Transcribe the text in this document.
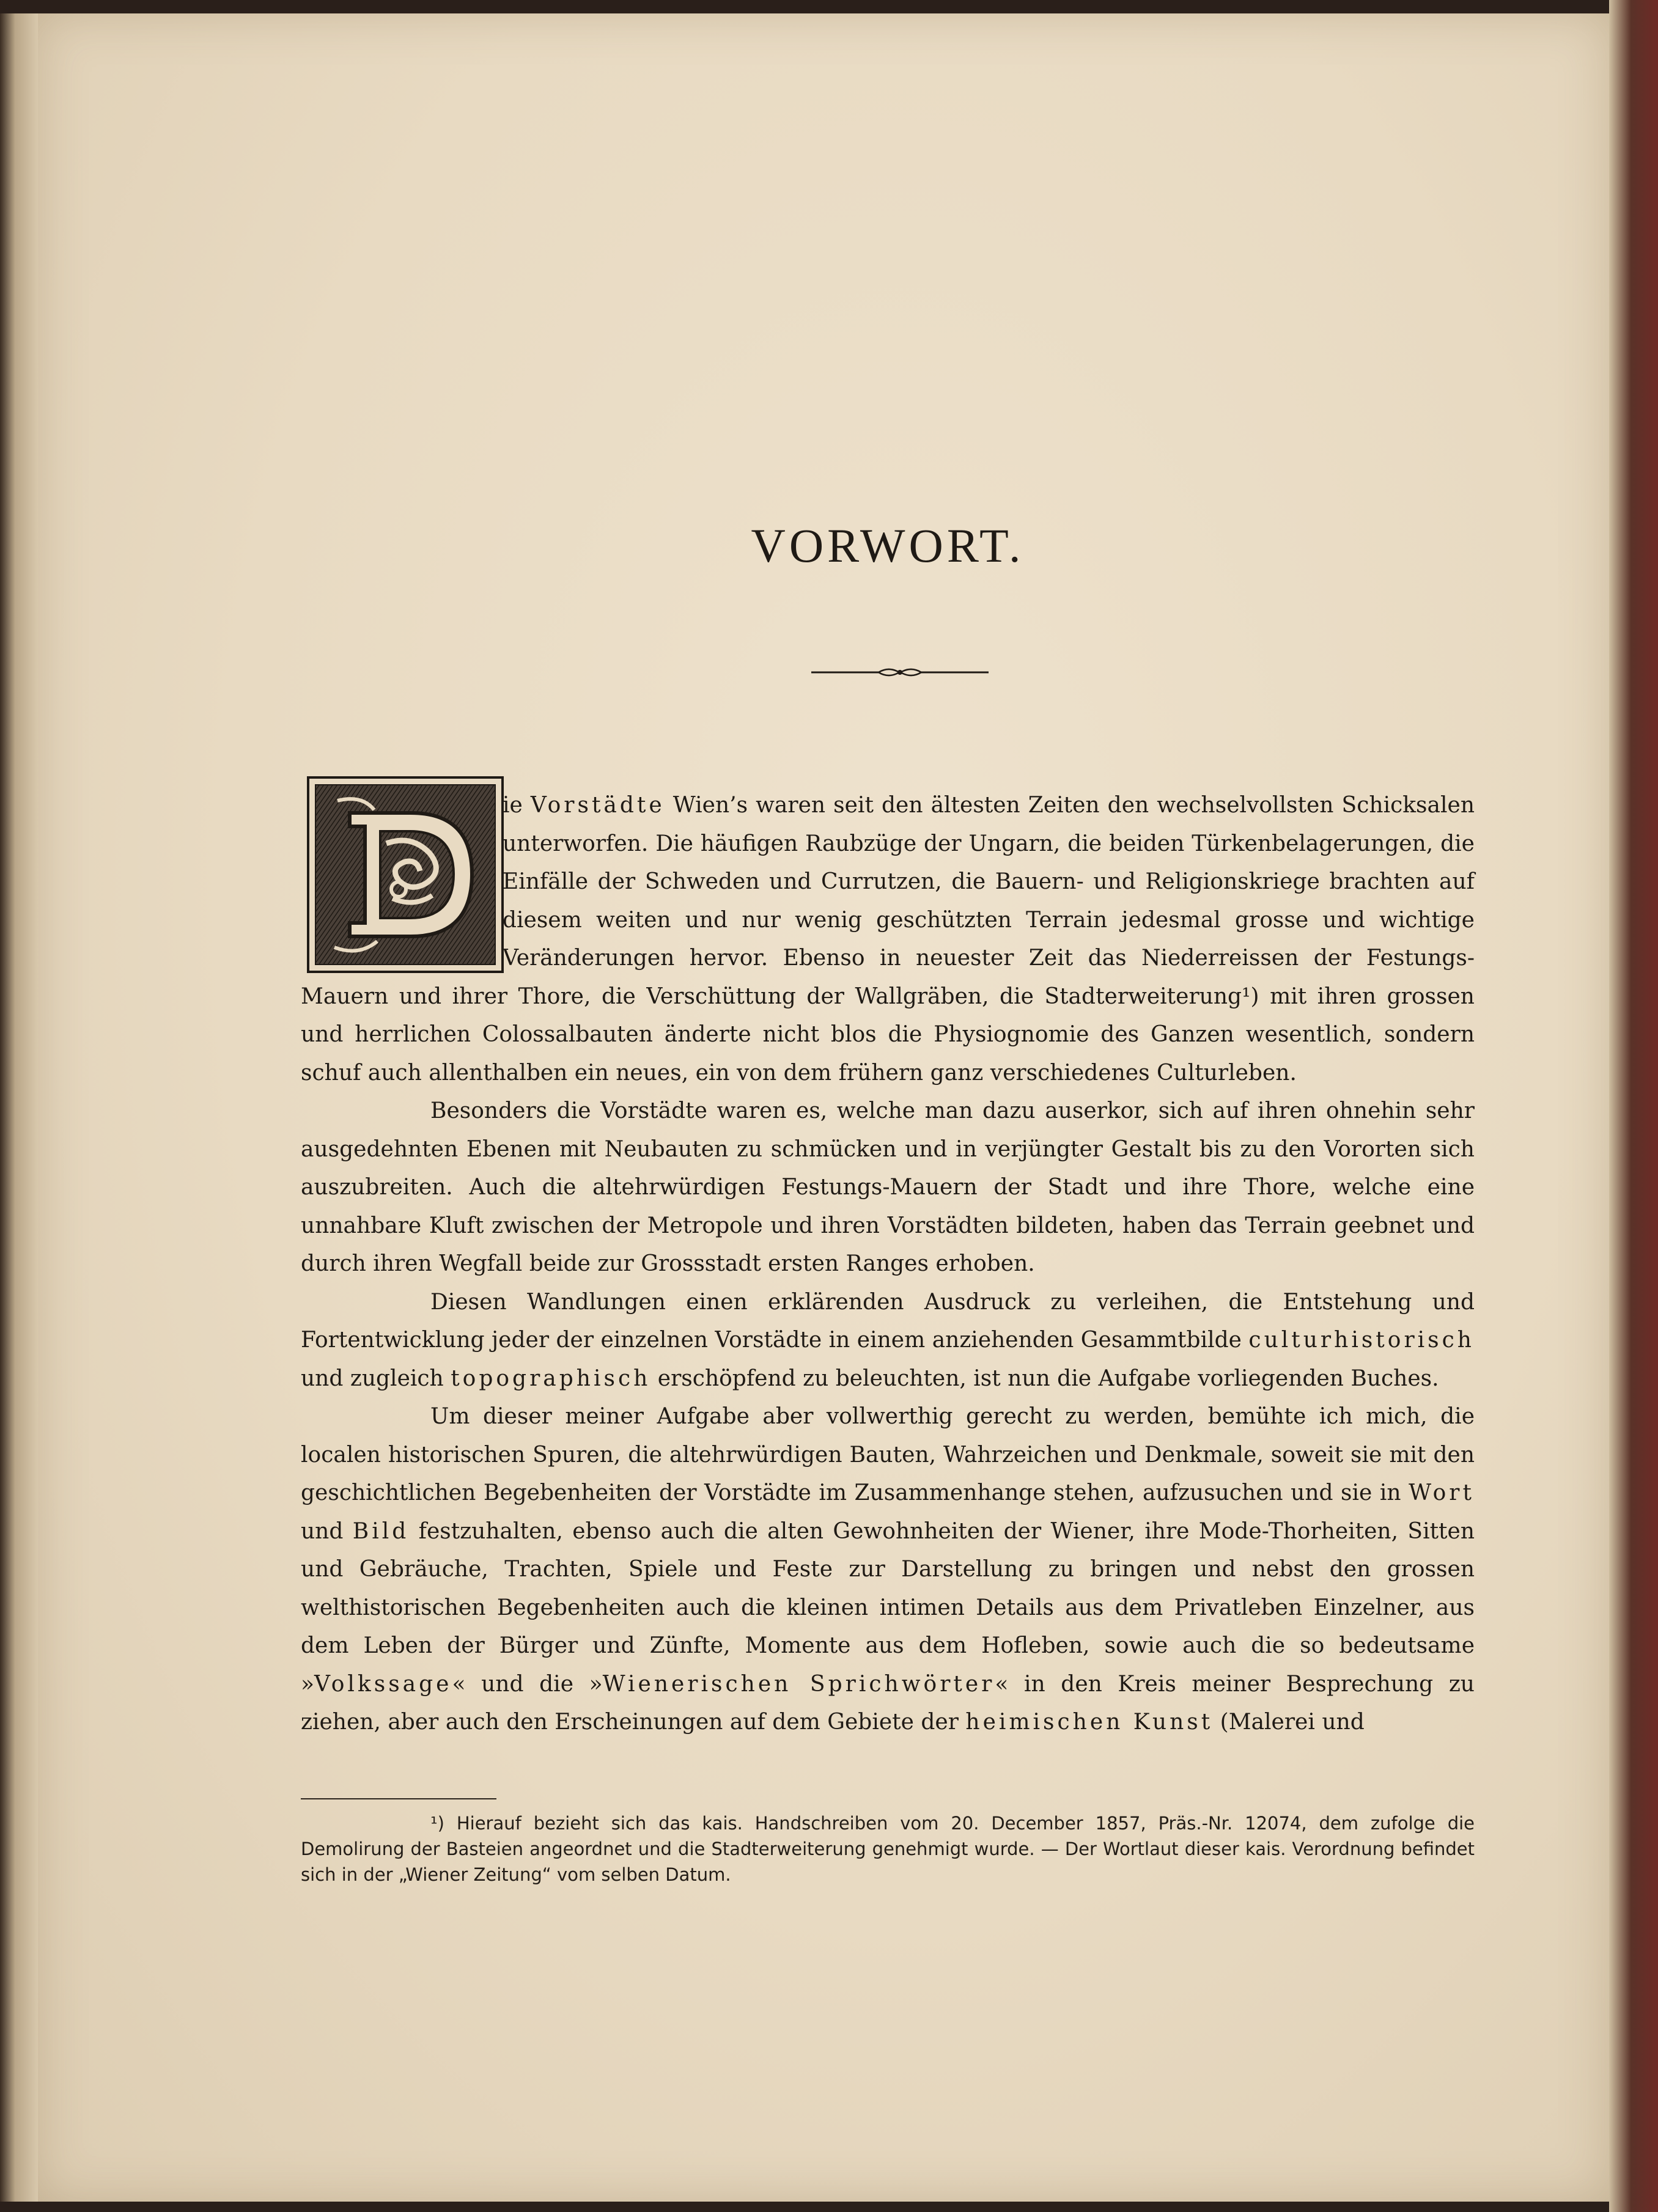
VORWORT.

ie Vorstädte Wien’s waren seit den ältesten Zeiten den wechselvollsten Schicksalen unterworfen. Die häufigen Raubzüge der Ungarn, die beiden Türkenbelagerungen, die Einfälle der Schweden und Currutzen, die Bauern- und Religionskriege brachten auf diesem weiten und nur wenig geschützten Terrain jedesmal grosse und wichtige Veränderungen hervor. Ebenso in neuester Zeit das Niederreissen der Festungs-Mauern und ihrer Thore, die Verschüttung der Wallgräben, die Stadterweiterung¹) mit ihren grossen und herrlichen Colossalbauten änderte nicht blos die Physiognomie des Ganzen wesentlich, sondern schuf auch allenthalben ein neues, ein von dem frühern ganz verschiedenes Culturleben.

Besonders die Vorstädte waren es, welche man dazu auserkor, sich auf ihren ohnehin sehr ausgedehnten Ebenen mit Neubauten zu schmücken und in verjüngter Gestalt bis zu den Vororten sich auszubreiten. Auch die altehrwürdigen Festungs-Mauern der Stadt und ihre Thore, welche eine unnahbare Kluft zwischen der Metropole und ihren Vorstädten bildeten, haben das Terrain geebnet und durch ihren Wegfall beide zur Grossstadt ersten Ranges erhoben.

Diesen Wandlungen einen erklärenden Ausdruck zu verleihen, die Entstehung und Fortentwicklung jeder der einzelnen Vorstädte in einem anziehenden Gesammtbilde culturhistorisch und zugleich topographisch erschöpfend zu beleuchten, ist nun die Aufgabe vorliegenden Buches.

Um dieser meiner Aufgabe aber vollwerthig gerecht zu werden, bemühte ich mich, die localen historischen Spuren, die altehrwürdigen Bauten, Wahrzeichen und Denkmale, soweit sie mit den geschichtlichen Begebenheiten der Vorstädte im Zusammenhange stehen, aufzusuchen und sie in Wort und Bild festzuhalten, ebenso auch die alten Gewohnheiten der Wiener, ihre Mode-Thorheiten, Sitten und Gebräuche, Trachten, Spiele und Feste zur Darstellung zu bringen und nebst den grossen welthistorischen Begebenheiten auch die kleinen intimen Details aus dem Privatleben Einzelner, aus dem Leben der Bürger und Zünfte, Momente aus dem Hofleben, sowie auch die so bedeutsame »Volkssage« und die »Wienerischen Sprichwörter« in den Kreis meiner Besprechung zu ziehen, aber auch den Erscheinungen auf dem Gebiete der heimischen Kunst (Malerei und

¹) Hierauf bezieht sich das kais. Handschreiben vom 20. December 1857, Präs.-Nr. 12074, dem zufolge die Demolirung der Basteien angeordnet und die Stadterweiterung genehmigt wurde. — Der Wortlaut dieser kais. Verordnung befindet sich in der „Wiener Zeitung“ vom selben Datum.
